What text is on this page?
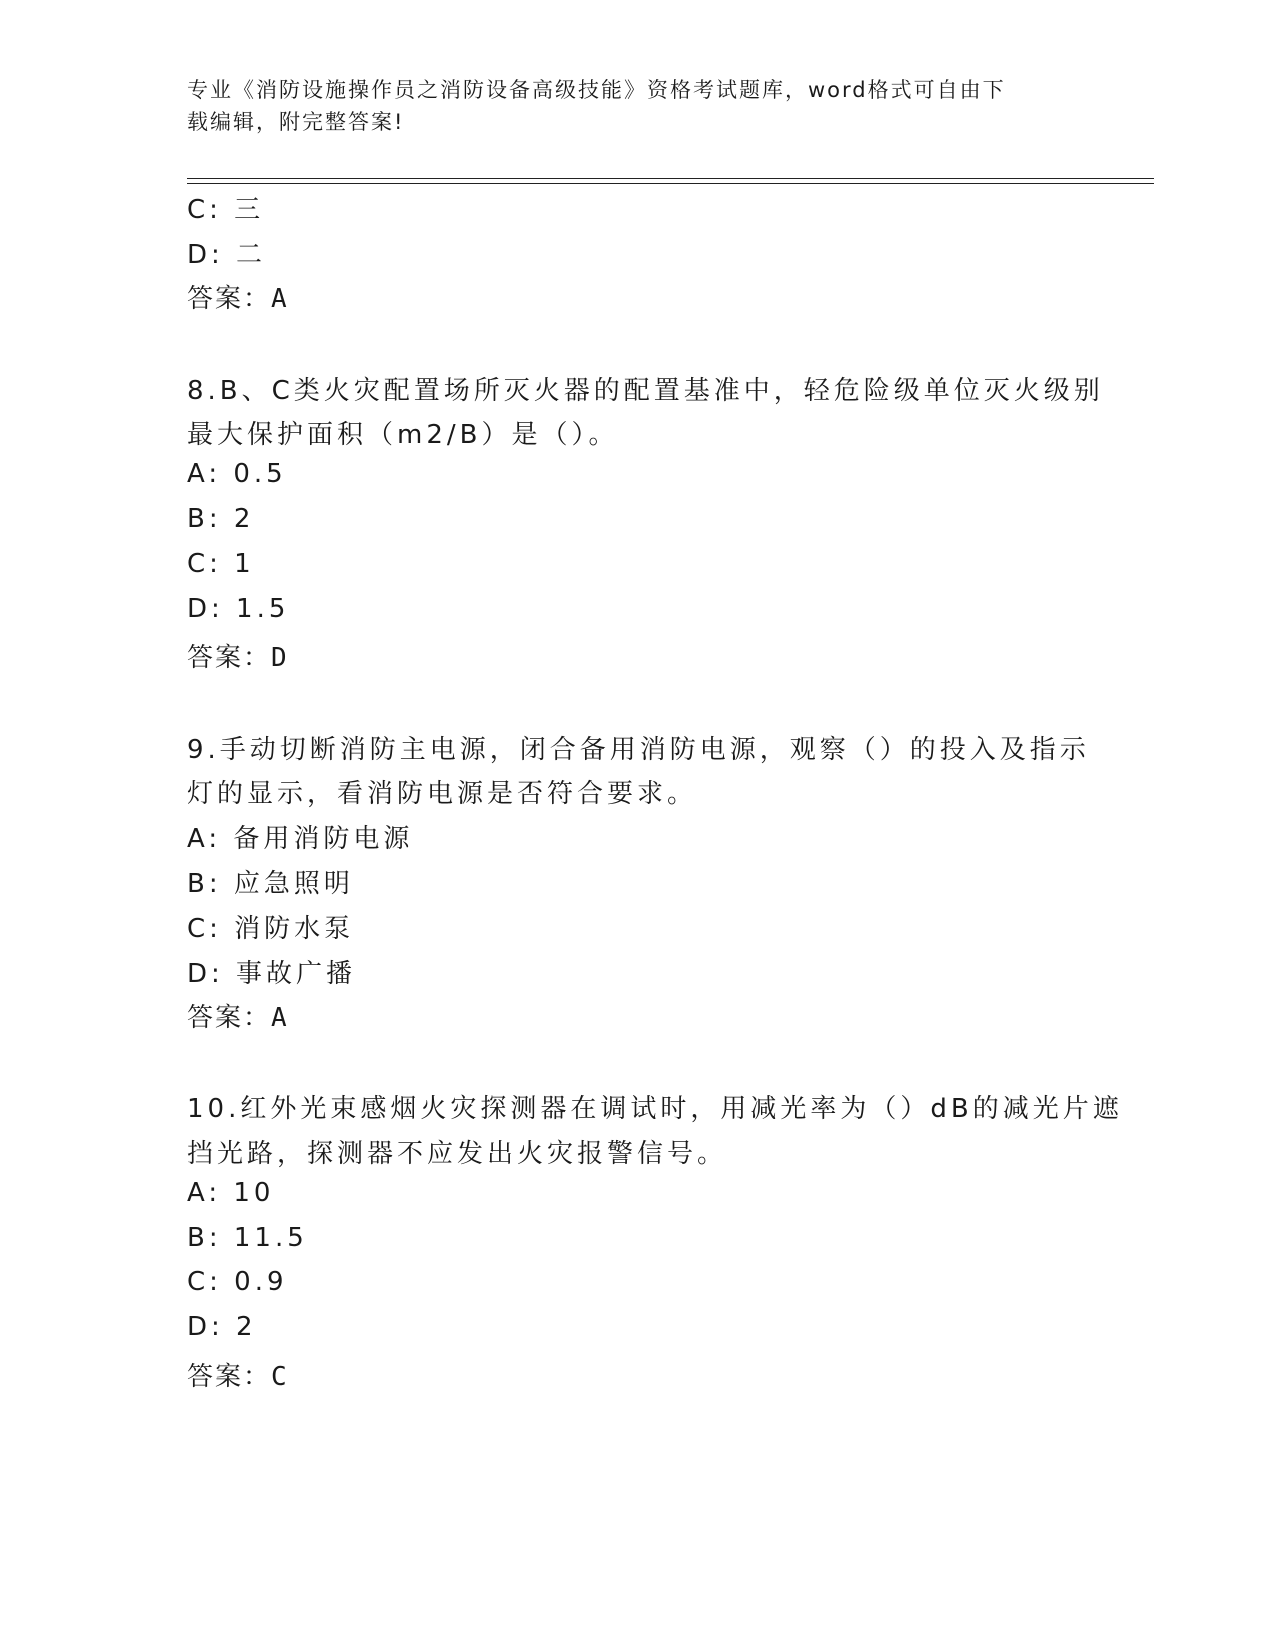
专业《消防设施操作员之消防设备高级技能》资格考试题库，word格式可自由下
载编辑，附完整答案!
C: 三
D: 二
答案：A
8.B、C类火灾配置场所灭火器的配置基准中，轻危险级单位灭火级别
最大保护面积（m2/B）是（）。
A: 0.5
B: 2
C: 1
D: 1.5
答案：D
9.手动切断消防主电源，闭合备用消防电源，观察（）的投入及指示
灯的显示，看消防电源是否符合要求。
A: 备用消防电源
B: 应急照明
C: 消防水泵
D: 事故广播
答案：A
10.红外光束感烟火灾探测器在调试时，用减光率为（）dB的减光片遮
挡光路，探测器不应发出火灾报警信号。
A: 10
B: 11.5
C: 0.9
D: 2
答案：C
